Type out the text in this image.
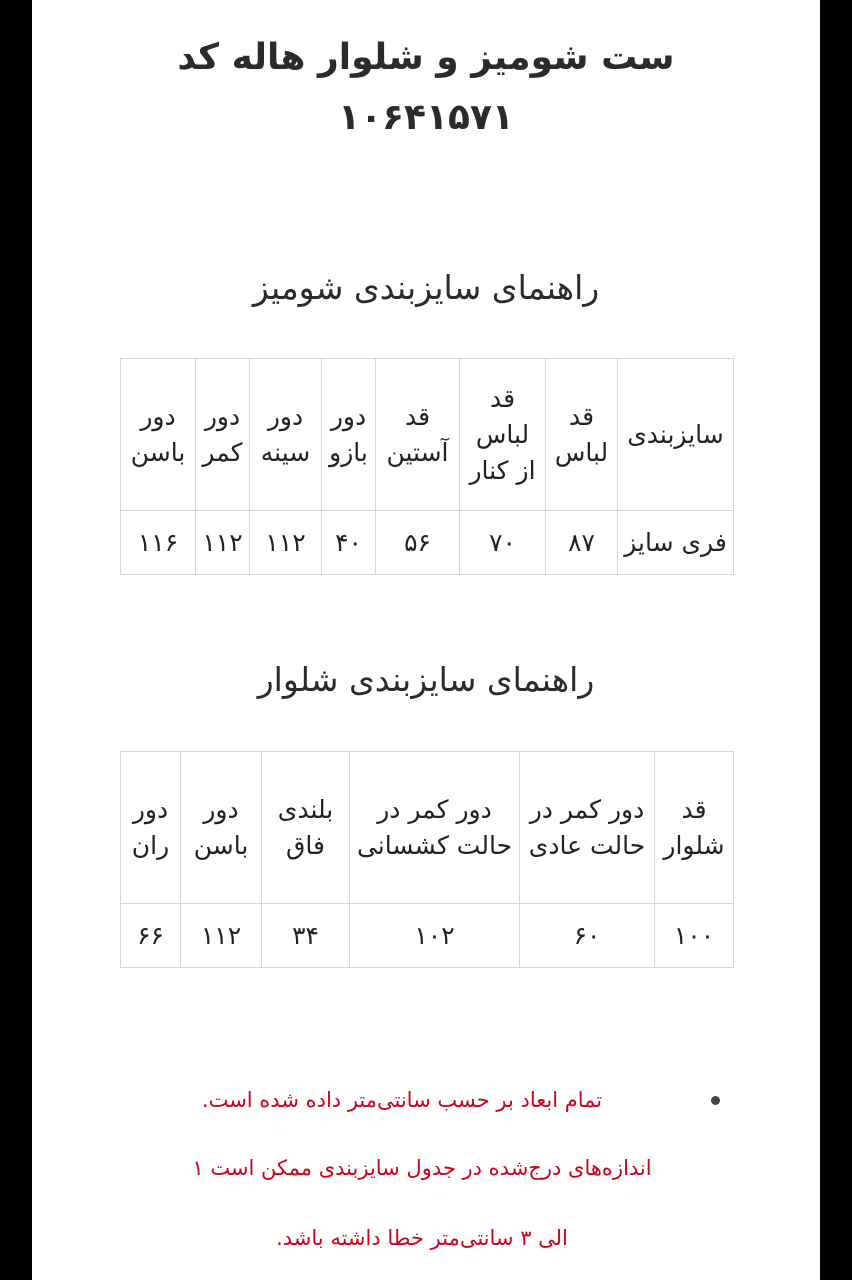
ست شومیز و شلوار هاله کد
۱۰۶۴۱۵۷۱
راهنمای سایزبندی شومیز
سایزبندی	قد لباس	قد لباس از کنار	قد آستین	دور بازو	دور سینه	دور کمر	دور باسن
فری سایز	۸۷	۷۰	۵۶	۴۰	۱۱۲	۱۱۲	۱۱۶
راهنمای سایزبندی شلوار
قد شلوار	دور کمر در حالت عادی	دور کمر در حالت کشسانی	بلندی فاق	دور باسن	دور ران
۱۰۰	۶۰	۱۰۲	۳۴	۱۱۲	۶۶
تمام ابعاد بر حسب سانتی‌متر داده شده است.
اندازه‌های درج‌شده در جدول سایزبندی ممکن است ۱
الی ۳ سانتی‌متر خطا داشته باشد.
